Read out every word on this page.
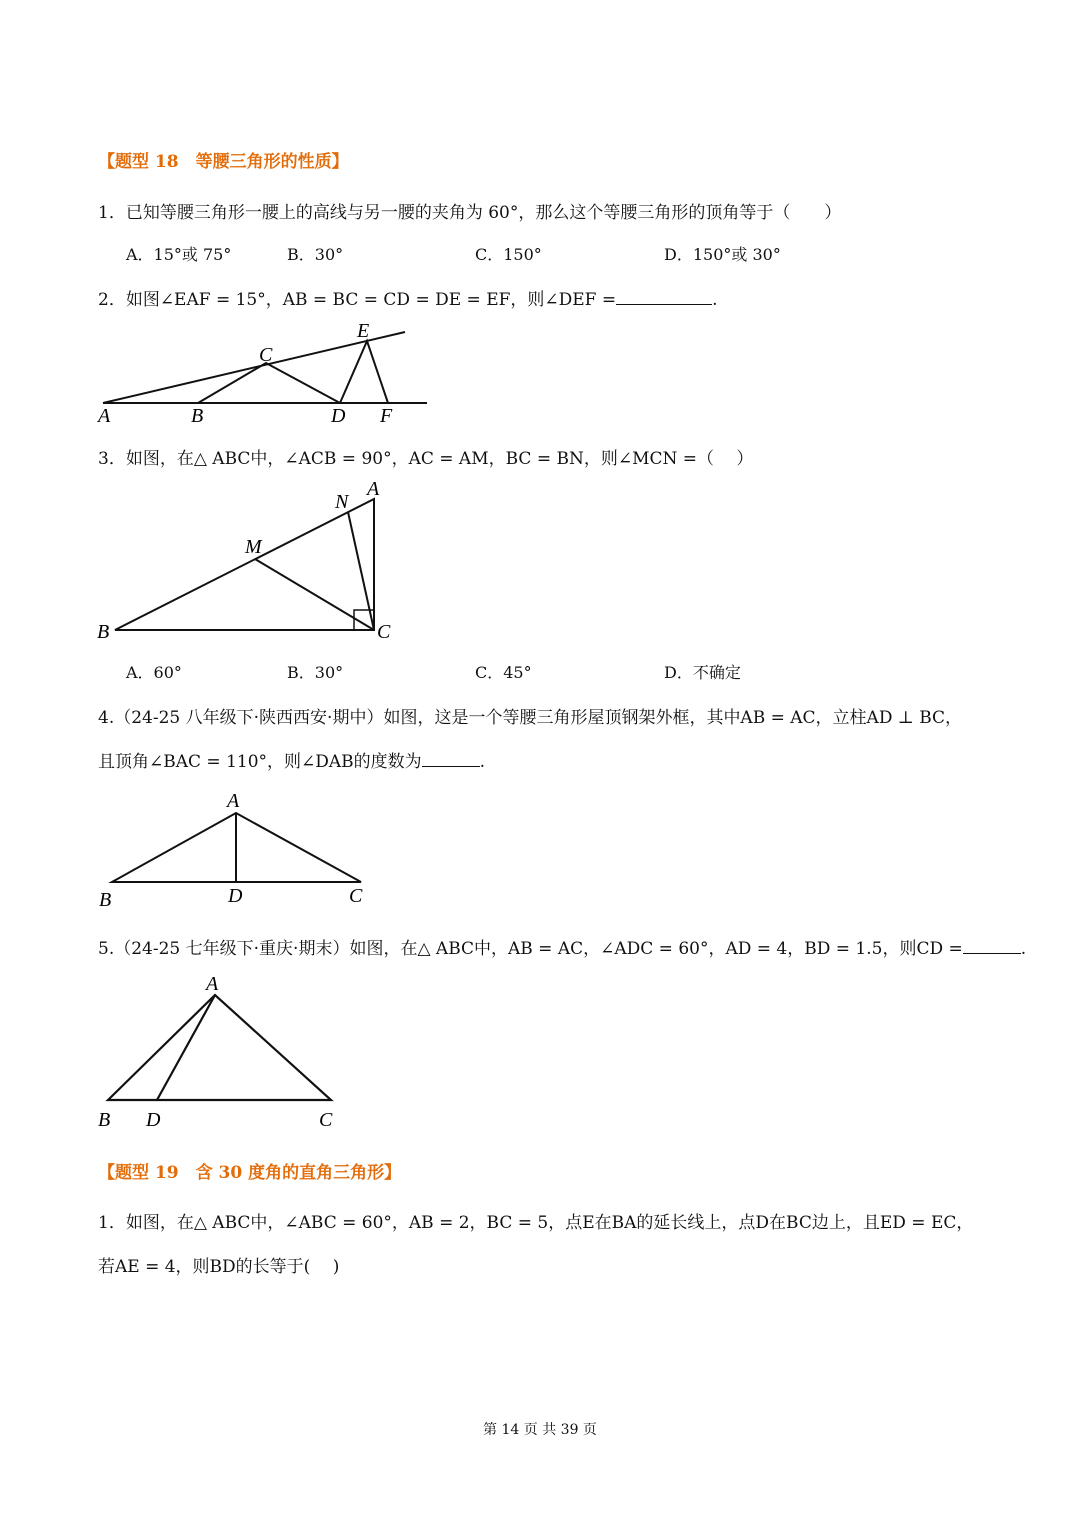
【题型 18　等腰三角形的性质】
1．已知等腰三角形一腰上的高线与另一腰的夹角为 60°，那么这个等腰三角形的顶角等于（　　）
A．15°或 75°	B．30°	C．150°	D．150°或 30°
2．如图∠EAF = 15°，AB = BC = CD = DE = EF，则∠DEF =	.
A	B
C
D
E
F
3．如图，在△ ABC中，∠ACB = 90°，AC = AM，BC = BN，则∠MCN =（　 ）
A
B	C
M
N
A．60°	B．30°	C．45°	D．不确定
4.（24-25 八年级下·陕西西安·期中）如图，这是一个等腰三角形屋顶钢架外框，其中AB = AC，立柱AD ⊥ BC，
且顶角∠BAC = 110°，则∠DAB的度数为	.
A
B	D	C
5.（24-25 七年级下·重庆·期末）如图，在△ ABC中，AB = AC，∠ADC = 60°，AD = 4，BD = 1.5，则CD =	.
A
B D	C
【题型 19　含 30 度角的直角三角形】
1．如图，在△ ABC中，∠ABC = 60°，AB = 2，BC = 5，点E在BA的延长线上，点D在BC边上，且ED = EC，
若AE = 4，则BD的长等于(　 )
第 14 页 共 39 页
